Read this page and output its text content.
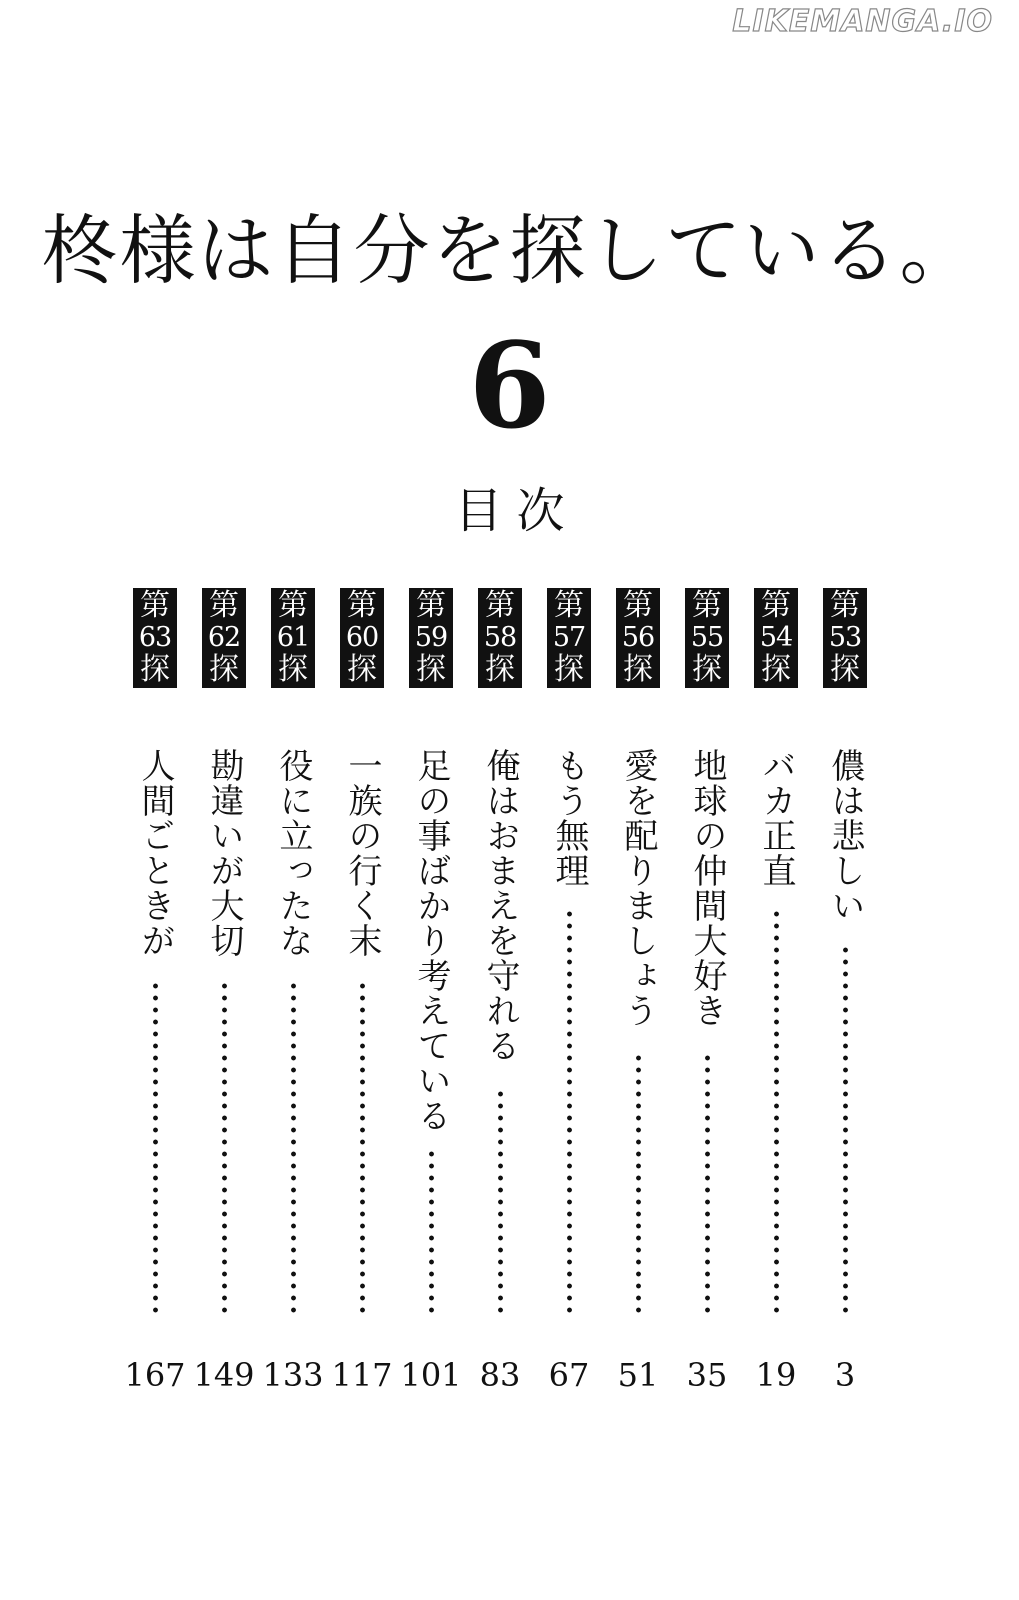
LIKEMANGA.IO
柊様は自分を探している。
6
目次
第
53
探
儂は悲しい
3
第
54
探
バカ正直
19
第
55
探
地球の仲間大好き
35
第
56
探
愛を配りましょう
51
第
57
探
もう無理
67
第
58
探
俺はおまえを守れる
83
第
59
探
足の事ばかり考えている
101
第
60
探
一族の行く末
117
第
61
探
役に立ったな
133
第
62
探
勘違いが大切
149
第
63
探
人間ごときが
167
